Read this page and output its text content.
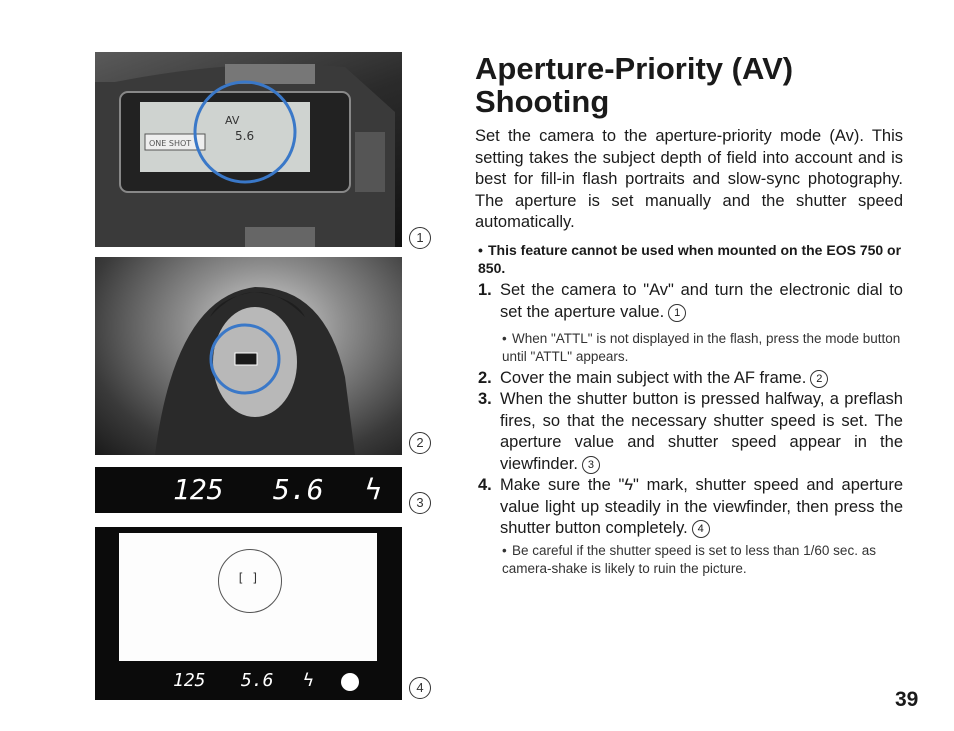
AV
5.6
ONE SHOT
1
2
125 5.6 ϟ	3
[ ]
125 5.6 ϟ	4
Aperture-Priority (AV) Shooting

Set the camera to the aperture-priority mode (Av). This setting takes the subject depth of field into account and is best for fill-in flash portraits and slow-sync photography. The aperture is set manually and the shutter speed automatically.

• This feature cannot be used when mounted on the EOS 750 or 850.
1. Set the camera to "Av" and turn the electronic dial to set the aperture value. 1
• When "ATTL" is not displayed in the flash, press the mode button until "ATTL" appears.
2. Cover the main subject with the AF frame. 2
3. When the shutter button is pressed halfway, a preflash fires, so that the necessary shutter speed is set. The aperture value and shutter speed appear in the viewfinder. 3
4. Make sure the "ϟ" mark, shutter speed and aperture value light up steadily in the viewfinder, then press the shutter button completely. 4
• Be careful if the shutter speed is set to less than 1/60 sec. as camera-shake is likely to ruin the picture.
39
